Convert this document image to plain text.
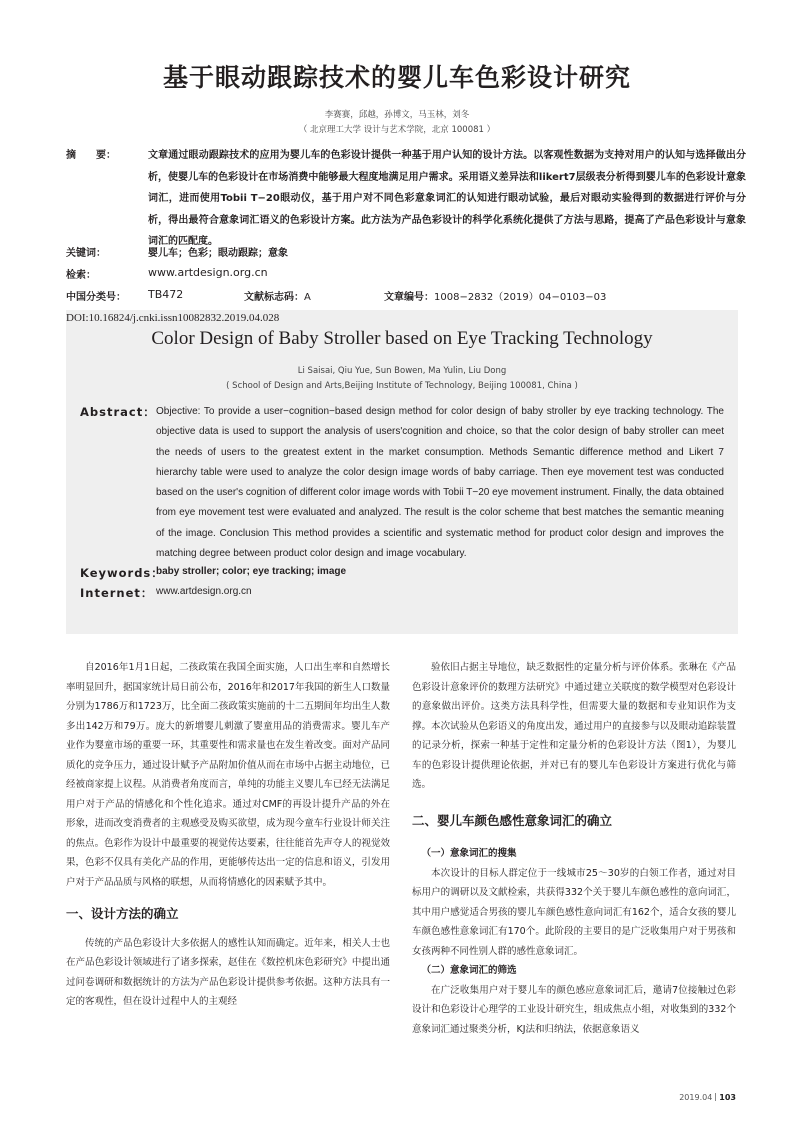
基于眼动跟踪技术的婴儿车色彩设计研究
李赛赛，邱越，孙博文，马玉林，刘冬
（ 北京理工大学 设计与艺术学院，北京 100081 ）
摘　　要：	文章通过眼动跟踪技术的应用为婴儿车的色彩设计提供一种基于用户认知的设计方法。以客观性数据为支持对用户的认知与选择做出分析，使婴儿车的色彩设计在市场消费中能够最大程度地满足用户需求。采用语义差异法和likert7层级表分析得到婴儿车的色彩设计意象词汇，进而使用Tobii T−20眼动仪，基于用户对不同色彩意象词汇的认知进行眼动试验，最后对眼动实验得到的数据进行评价与分析，得出最符合意象词汇语义的色彩设计方案。此方法为产品色彩设计的科学化系统化提供了方法与思路，提高了产品色彩设计与意象词汇的匹配度。
关键词：	婴儿车；色彩；眼动跟踪；意象
检索：	www.artdesign.org.cn
中国分类号： TB472	文献标志码：A	文章编号：1008−2832（2019）04−0103−03
DOI:10.16824/j.cnki.issn10082832.2019.04.028
Color Design of Baby Stroller based on Eye Tracking Technology
Li Saisai, Qiu Yue, Sun Bowen, Ma Yulin, Liu Dong
( School of Design and Arts,Beijing Institute of Technology, Beijing 100081, China )
Abstract： Objective: To provide a user−cognition−based design method for color design of baby stroller by eye tracking technology. The objective data is used to support the analysis of users'cognition and choice, so that the color design of baby stroller can meet the needs of users to the greatest extent in the market consumption. Methods Semantic difference method and Likert 7 hierarchy table were used to analyze the color design image words of baby carriage. Then eye movement test was conducted based on the user's cognition of different color image words with Tobii T−20 eye movement instrument. Finally, the data obtained from eye movement test were evaluated and analyzed. The result is the color scheme that best matches the semantic meaning of the image. Conclusion This method provides a scientific and systematic method for product color design and improves the matching degree between product color design and image vocabulary.
Keywords：
baby stroller; color; eye tracking; image
Internet： www.artdesign.org.cn

自2016年1月1日起，二孩政策在我国全面实施，人口出生率和自然增长率明显回升，据国家统计局日前公布，2016年和2017年我国的新生人口数量分别为1786万和1723万，比全面二孩政策实施前的十二五期间年均出生人数多出142万和79万。庞大的新增婴儿刺激了婴童用品的消费需求。婴儿车产业作为婴童市场的重要一环，其重要性和需求量也在发生着改变。面对产品同质化的竞争压力，通过设计赋予产品附加价值从而在市场中占据主动地位，已经被商家提上议程。从消费者角度而言，单纯的功能主义婴儿车已经无法满足用户对于产品的情感化和个性化追求。通过对CMF的再设计提升产品的外在形象，进而改变消费者的主观感受及购买欲望，成为现今童车行业设计师关注的焦点。色彩作为设计中最重要的视觉传达要素，往往能首先声夺人的视觉效果，色彩不仅具有美化产品的作用，更能够传达出一定的信息和语义，引发用户对于产品品质与风格的联想，从而将情感化的因素赋予其中。

一、设计方法的确立

传统的产品色彩设计大多依据人的感性认知而确定。近年来，相关人士也在产品色彩设计领域进行了诸多探索，赵佳在《数控机床色彩研究》中提出通过问卷调研和数据统计的方法为产品色彩设计提供参考依据。这种方法具有一定的客观性，但在设计过程中人的主观经

验依旧占据主导地位，缺乏数据性的定量分析与评价体系。张琳在《产品色彩设计意象评价的数理方法研究》中通过建立关联度的数学模型对色彩设计的意象做出评价。这类方法具科学性，但需要大量的数据和专业知识作为支撑。本次试验从色彩语义的角度出发，通过用户的直接参与以及眼动追踪装置的记录分析，探索一种基于定性和定量分析的色彩设计方法（图1），为婴儿车的色彩设计提供理论依据，并对已有的婴儿车色彩设计方案进行优化与筛选。

二、婴儿车颜色感性意象词汇的确立
（一）意象词汇的搜集

本次设计的目标人群定位于一线城市25～30岁的白领工作者，通过对目标用户的调研以及文献检索，共获得332个关于婴儿车颜色感性的意向词汇，其中用户感觉适合男孩的婴儿车颜色感性意向词汇有162个，适合女孩的婴儿车颜色感性意象词汇有170个。此阶段的主要目的是广泛收集用户对于男孩和女孩两种不同性别人群的感性意象词汇。

（二）意象词汇的筛选

在广泛收集用户对于婴儿车的颜色感应意象词汇后，邀请7位接触过色彩设计和色彩设计心理学的工业设计研究生，组成焦点小组，对收集到的332个意象词汇通过聚类分析，KJ法和归纳法，依据意象语义

2019.04 103
